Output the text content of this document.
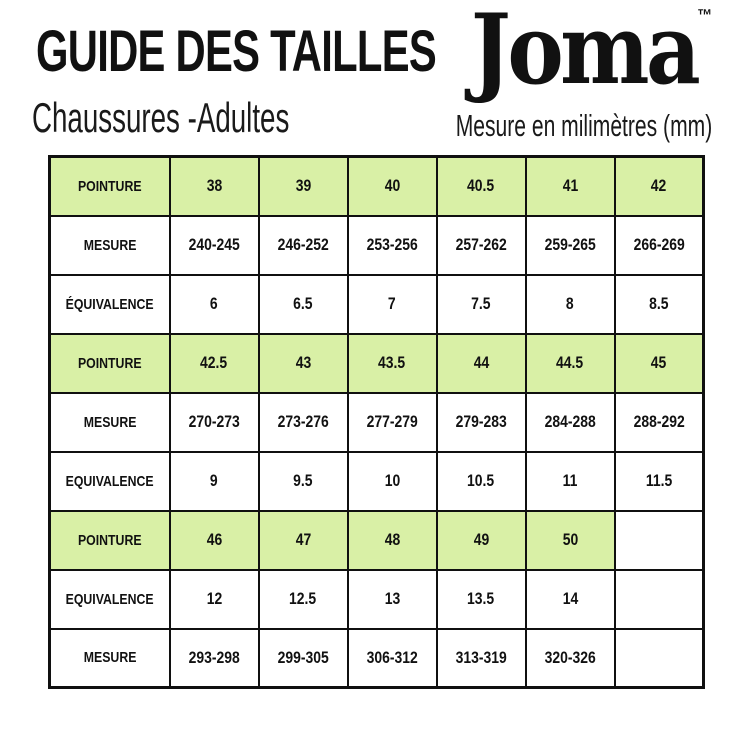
GUIDE DES TAILLES
Chaussures -Adultes
Joma™
Mesure en milimètres (mm)
POINTURE	38	39	40	40.5	41	42
MESURE	240-245	246-252	253-256	257-262	259-265	266-269
ÉQUIVALENCE	6	6.5	7	7.5	8	8.5
POINTURE	42.5	43	43.5	44	44.5	45
MESURE	270-273	273-276	277-279	279-283	284-288	288-292
EQUIVALENCE	9	9.5	10	10.5	11	11.5
POINTURE	46	47	48	49	50	
EQUIVALENCE	12	12.5	13	13.5	14	
MESURE	293-298	299-305	306-312	313-319	320-326	
